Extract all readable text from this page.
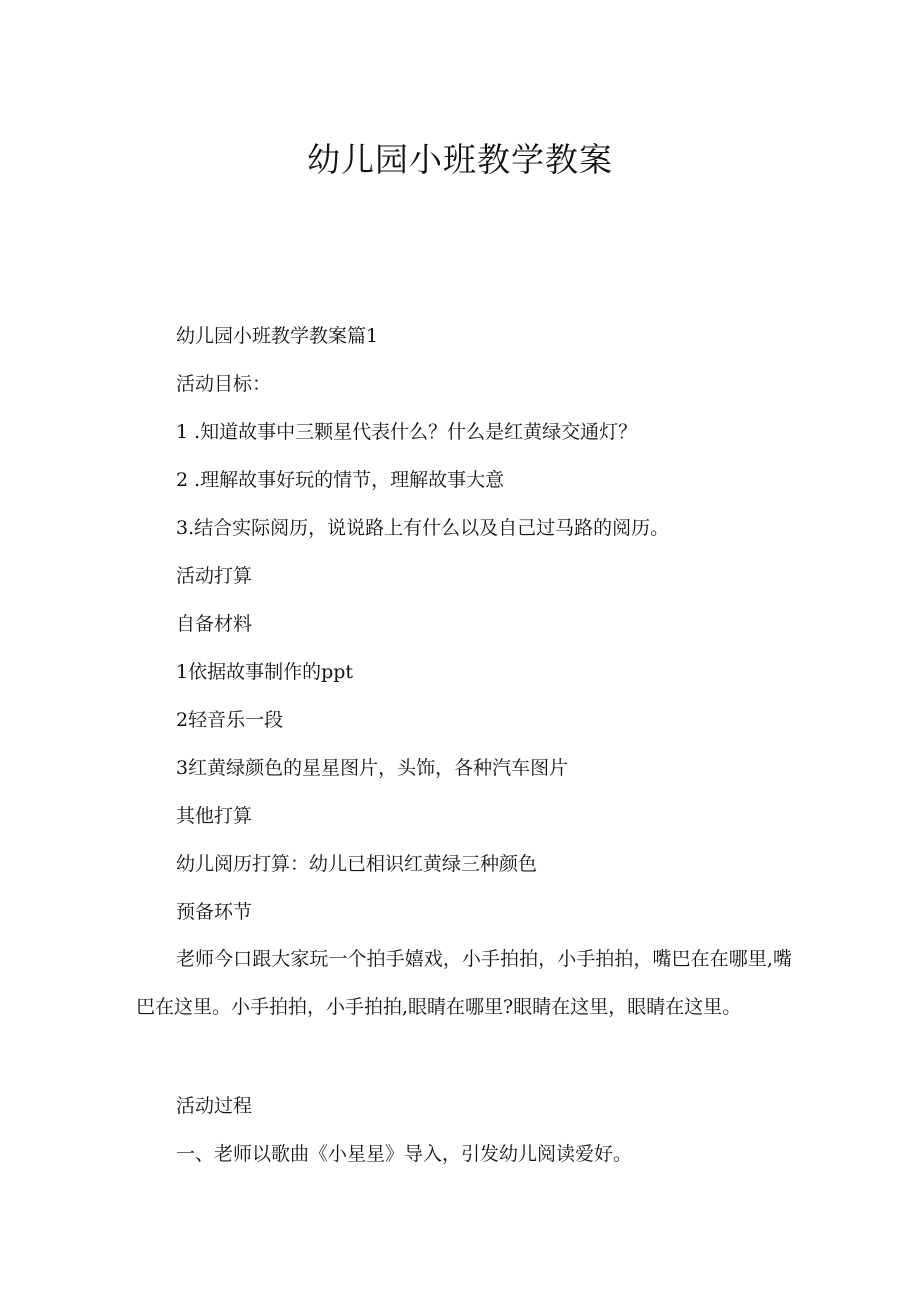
幼儿园小班教学教案

幼儿园小班教学教案篇1

活动目标：

1 .知道故事中三颗星代表什么？什么是红黄绿交通灯？

2 .理解故事好玩的情节，理解故事大意

3.结合实际阅历，说说路上有什么以及自己过马路的阅历。

活动打算

自备材料

1依据故事制作的ppt

2轻音乐一段

3红黄绿颜色的星星图片，头饰，各种汽车图片

其他打算

幼儿阅历打算：幼儿已相识红黄绿三种颜色

预备环节

老师今口跟大家玩一个拍手嬉戏，小手拍拍，小手拍拍，嘴巴在在哪里,嘴巴在这里。小手拍拍，小手拍拍,眼睛在哪里?眼睛在这里，眼睛在这里。

活动过程

一、老师以歌曲《小星星》导入，引发幼儿阅读爱好。
